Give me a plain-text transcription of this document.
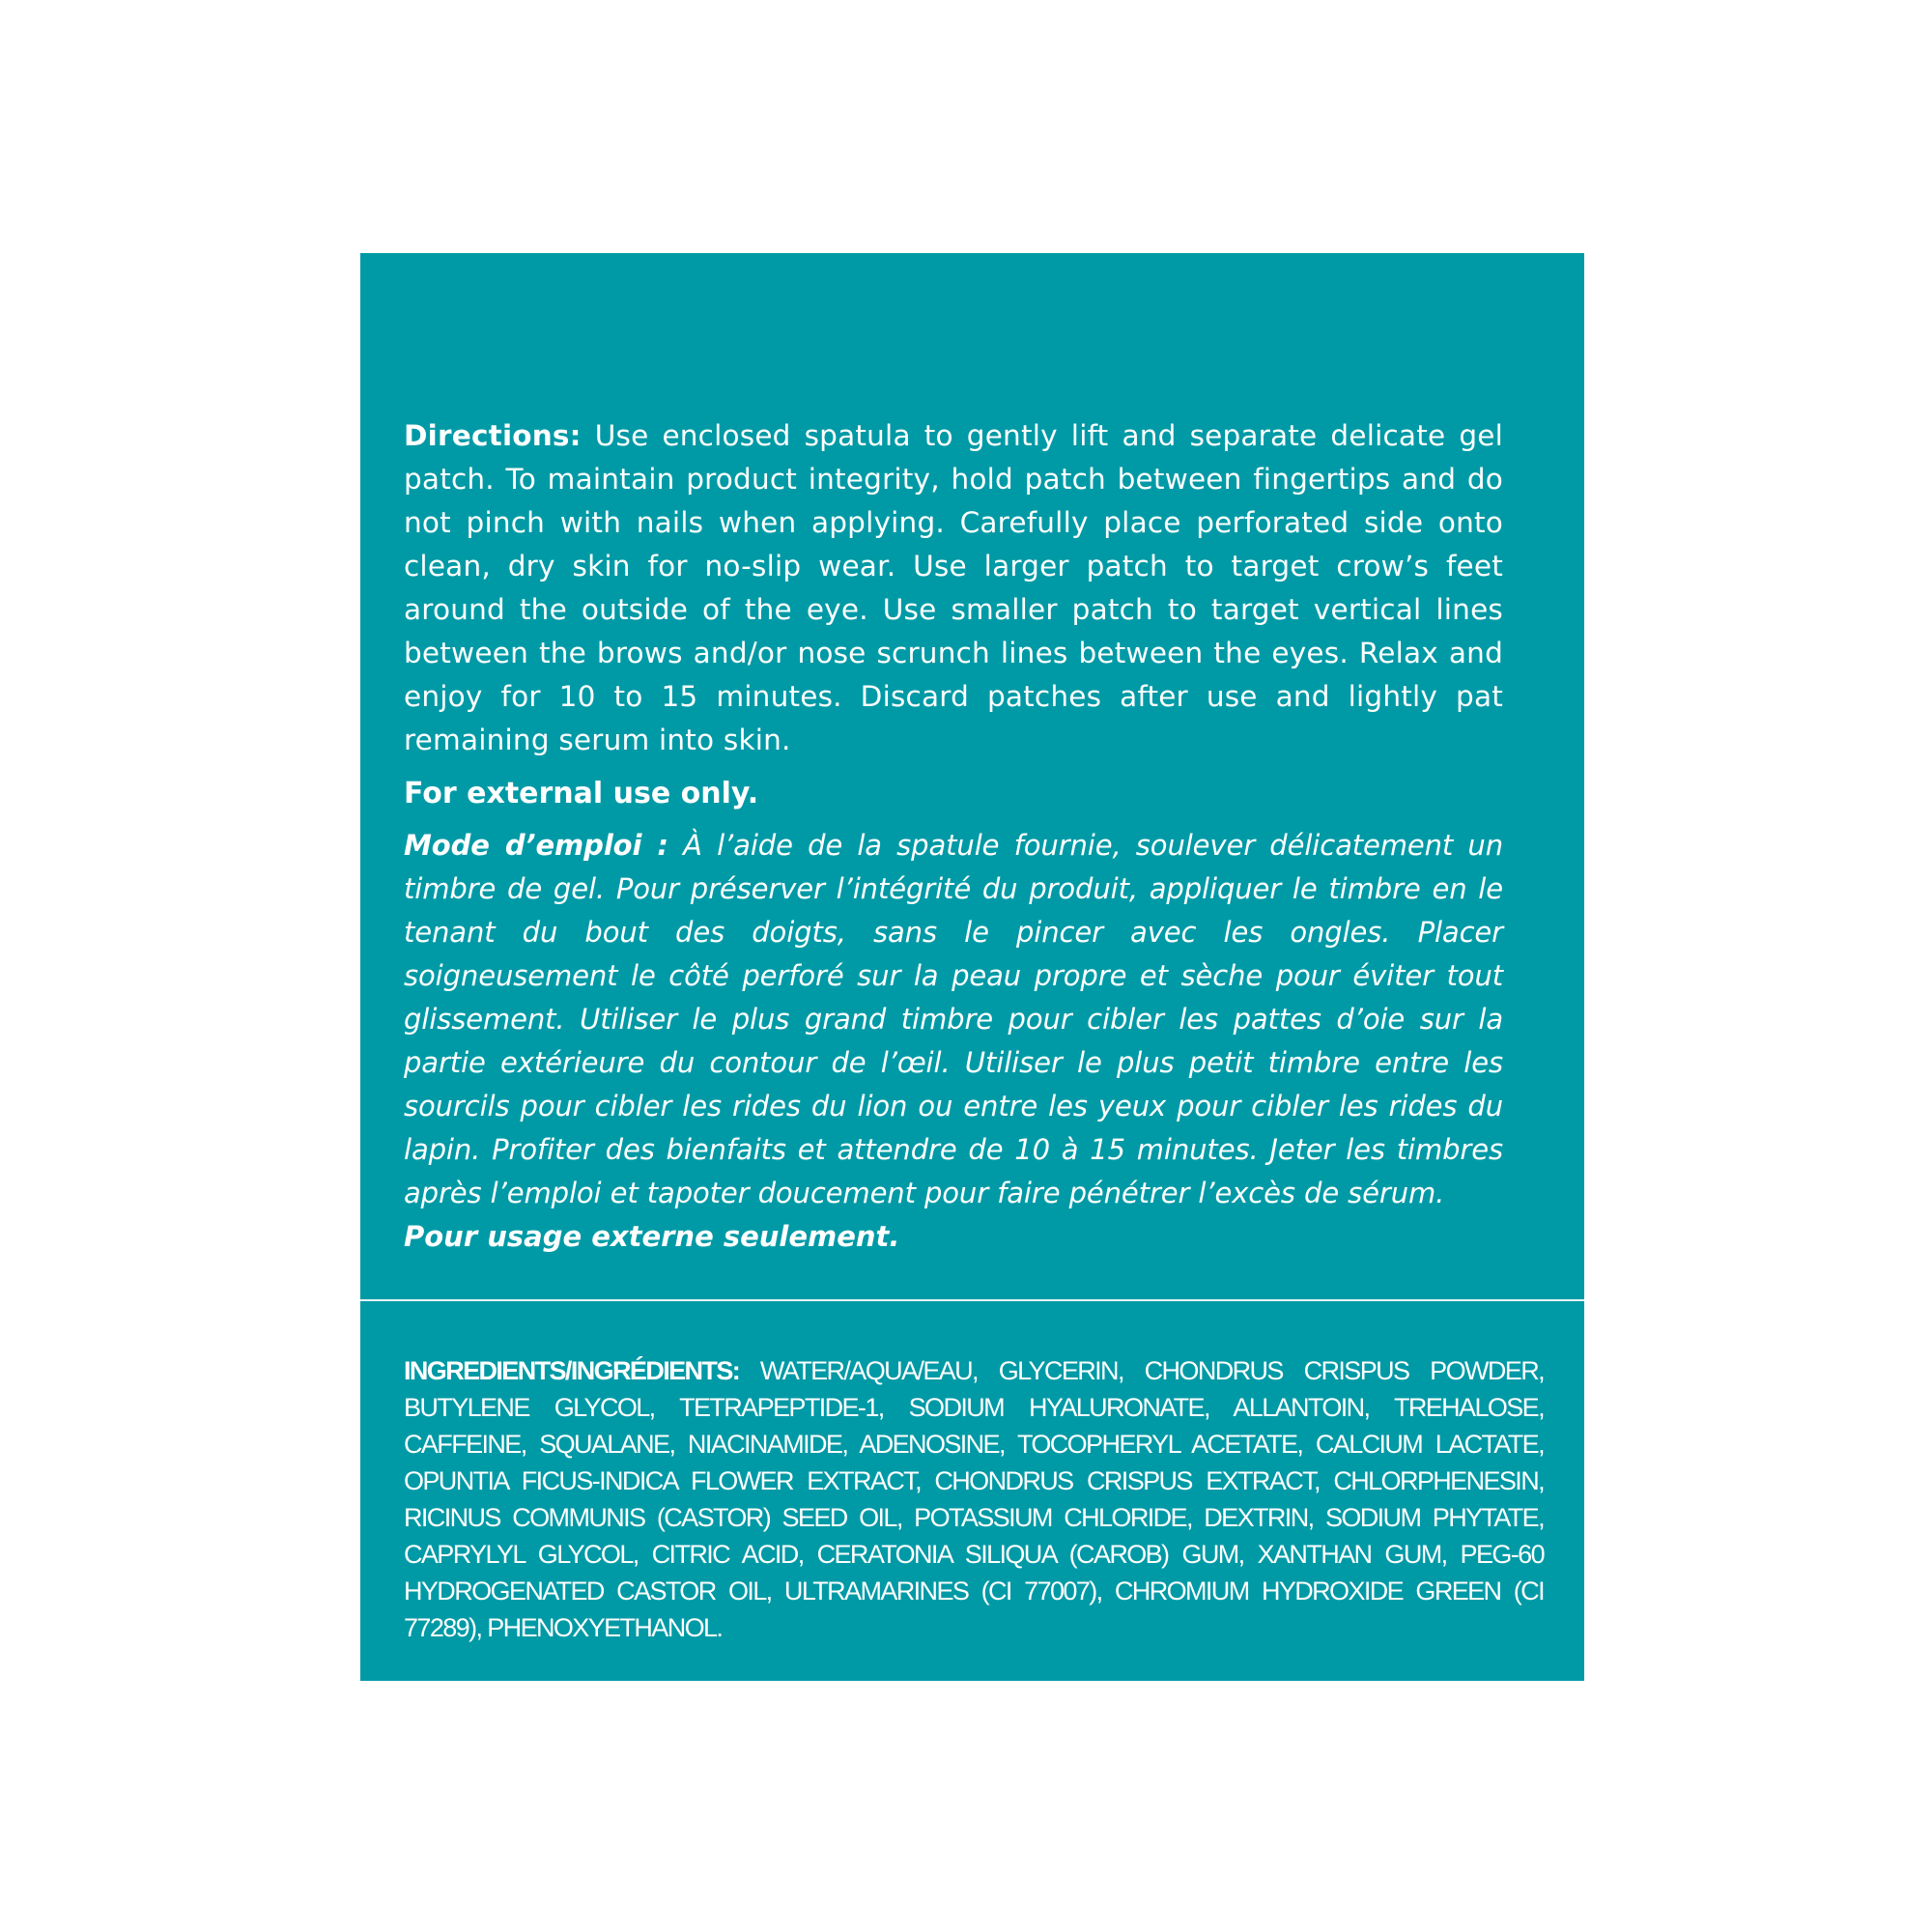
Directions: Use enclosed spatula to gently lift and separate delicate gel patch. To maintain product integrity, hold patch between fingertips and do not pinch with nails when applying. Carefully place perforated side onto clean, dry skin for no-slip wear. Use larger patch to target crow’s feet around the outside of the eye. Use smaller patch to target vertical lines between the brows and/or nose scrunch lines between the eyes. Relax and enjoy for 10 to 15 minutes. Discard patches after use and lightly pat remaining serum into skin.

For external use only.

Mode d’emploi : À l’aide de la spatule fournie, soulever délicatement un timbre de gel. Pour préserver l’intégrité du produit, appliquer le timbre en le tenant du bout des doigts, sans le pincer avec les ongles. Placer soigneusement le côté perforé sur la peau propre et sèche pour éviter tout glissement. Utiliser le plus grand timbre pour cibler les pattes d’oie sur la partie extérieure du contour de l’œil. Utiliser le plus petit timbre entre les sourcils pour cibler les rides du lion ou entre les yeux pour cibler les rides du lapin. Profiter des bienfaits et attendre de 10 à 15 minutes. Jeter les timbres après l’emploi et tapoter doucement pour faire pénétrer l’excès de sérum.

Pour usage externe seulement.

INGREDIENTS/INGRÉDIENTS: WATER/AQUA/EAU, GLYCERIN, CHONDRUS CRISPUS POWDER, BUTYLENE GLYCOL, TETRAPEPTIDE-1, SODIUM HYALURONATE, ALLANTOIN, TREHALOSE, CAFFEINE, SQUALANE, NIACINAMIDE, ADENOSINE, TOCOPHERYL ACETATE, CALCIUM LACTATE, OPUNTIA FICUS-INDICA FLOWER EXTRACT, CHONDRUS CRISPUS EXTRACT, CHLORPHENESIN, RICINUS COMMUNIS (CASTOR) SEED OIL, POTASSIUM CHLORIDE, DEXTRIN, SODIUM PHYTATE, CAPRYLYL GLYCOL, CITRIC ACID, CERATONIA SILIQUA (CAROB) GUM, XANTHAN GUM, PEG-60 HYDROGENATED CASTOR OIL, ULTRAMARINES (CI 77007), CHROMIUM HYDROXIDE GREEN (CI 77289), PHENOXYETHANOL.
